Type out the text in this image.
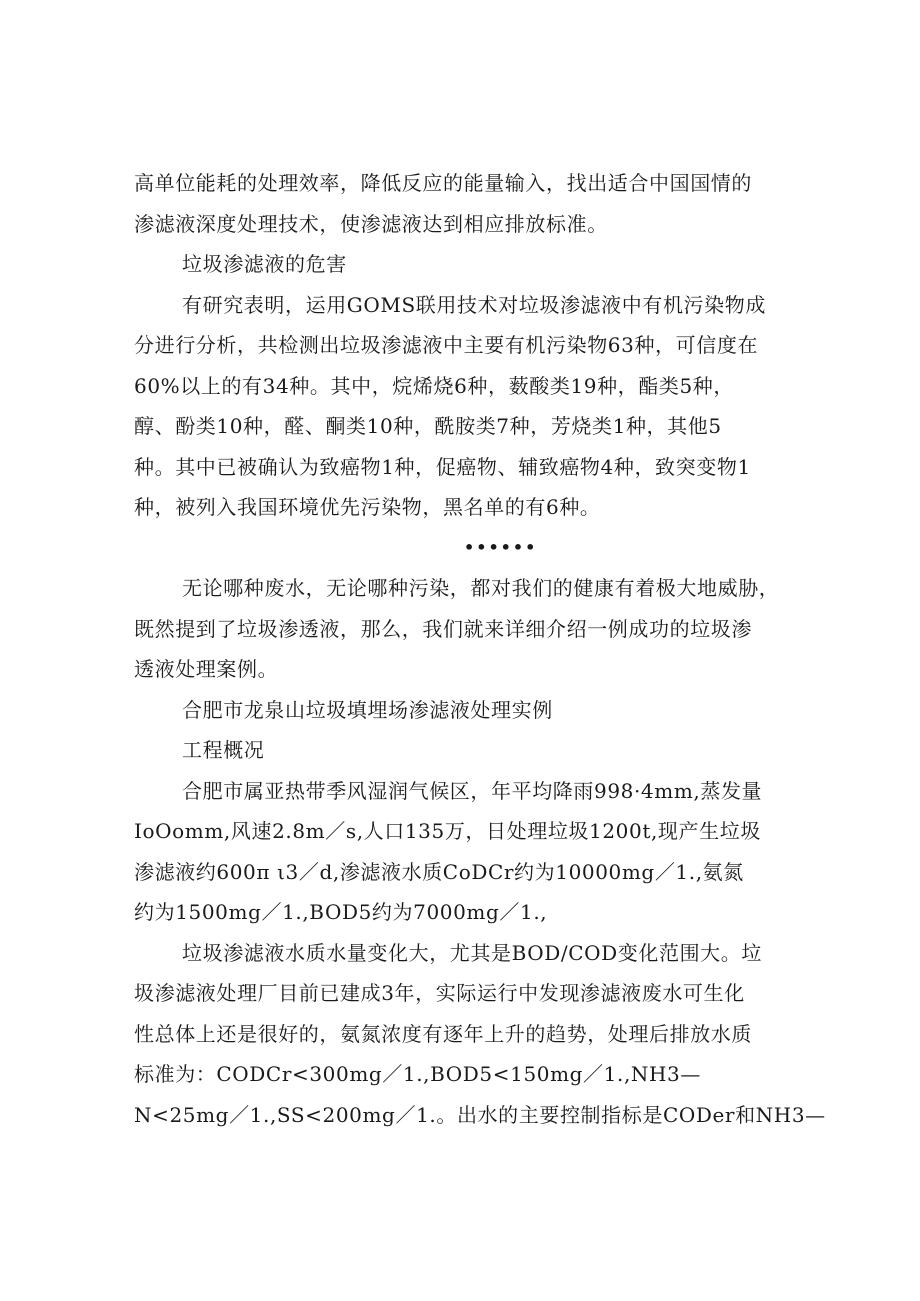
高单位能耗的处理效率，降低反应的能量输入，找出适合中国国情的
渗滤液深度处理技术，使渗滤液达到相应排放标准。

垃圾渗滤液的危害

有研究表明，运用GOMS联用技术对垃圾渗滤液中有机污染物成
分进行分析，共检测出垃圾渗滤液中主要有机污染物63种，可信度在
60%以上的有34种。其中，烷烯烧6种，薮酸类19种，酯类5种，
醇、酚类10种，醛、酮类10种，酰胺类7种，芳烧类1种，其他5
种。其中已被确认为致癌物1种，促癌物、辅致癌物4种，致突变物1
种，被列入我国环境优先污染物，黑名单的有6种。

••••••

无论哪种废水，无论哪种污染，都对我们的健康有着极大地威胁，
既然提到了垃圾渗透液，那么，我们就来详细介绍一例成功的垃圾渗
透液处理案例。

合肥市龙泉山垃圾填埋场渗滤液处理实例

工程概况

合肥市属亚热带季风湿润气候区，年平均降雨998·4mm,蒸发量
IoOomm,风速2.8m／s,人口135万，日处理垃圾1200t,现产生垃圾
渗滤液约600π ι3／d,渗滤液水质CoDCr约为10000mg／1.,氨氮
约为1500mg／1.,BOD5约为7000mg／1.,

垃圾渗滤液水质水量变化大，尤其是BOD/COD变化范围大。垃
圾渗滤液处理厂目前已建成3年，实际运行中发现渗滤液废水可生化
性总体上还是很好的，氨氮浓度有逐年上升的趋势，处理后排放水质
标准为：CODCr<300mg／1.,BOD5<150mg／1.,NH3—
N<25mg／1.,SS<200mg／1.。出水的主要控制指标是CODer和NH3—
